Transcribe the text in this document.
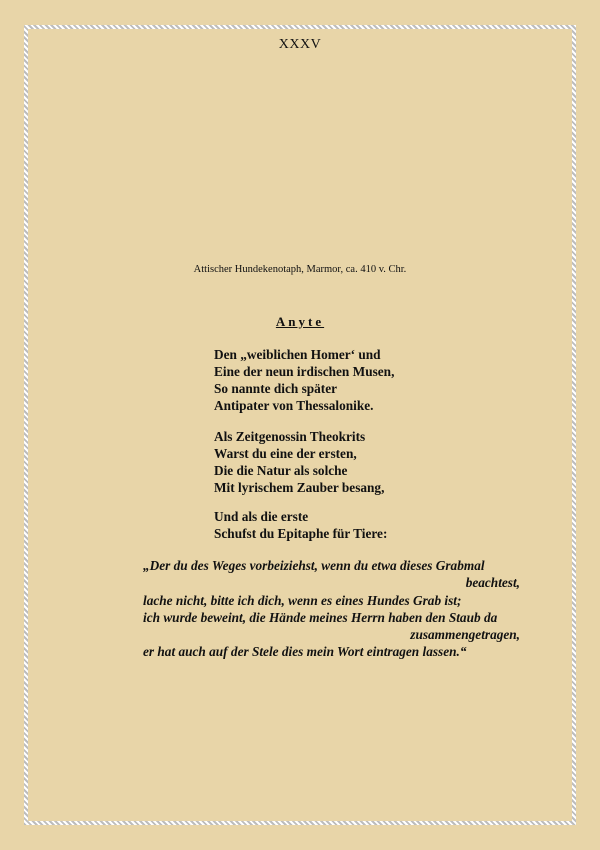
XXXV
Attischer Hundekenotaph, Marmor, ca. 410 v. Chr.
Anyte
Den „weiblichen Homer‘ und
Eine der neun irdischen Musen,
So nannte dich später
Antipater von Thessalonike.
Als Zeitgenossin Theokrits
Warst du eine der ersten,
Die die Natur als solche
Mit lyrischem Zauber besang,
Und als die erste
Schufst du Epitaphe für Tiere:
„Der du des Weges vorbeiziehst, wenn du etwa dieses Grabmal
beachtest,
lache nicht, bitte ich dich, wenn es eines Hundes Grab ist;
ich wurde beweint, die Hände meines Herrn haben den Staub da
zusammengetragen,
er hat auch auf der Stele dies mein Wort eintragen lassen.“
